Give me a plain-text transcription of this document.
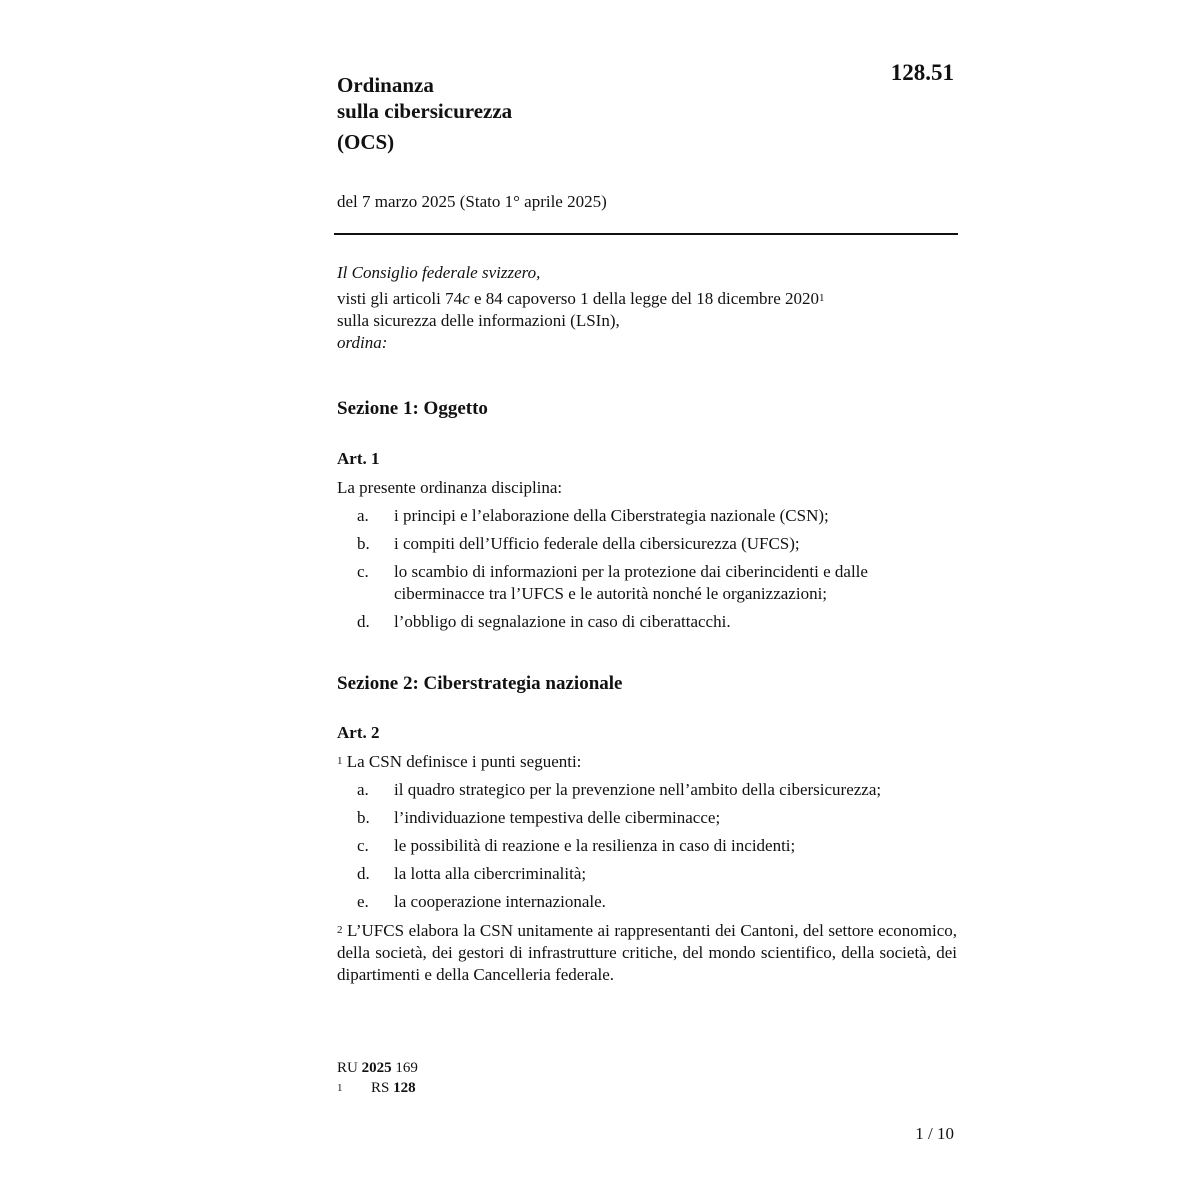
128.51
Ordinanza
sulla cibersicurezza
(OCS)
del 7 marzo 2025 (Stato 1° aprile 2025)
Il Consiglio federale svizzero,
visti gli articoli 74c e 84 capoverso 1 della legge del 18 dicembre 2020$^1$
sulla sicurezza delle informazioni (LSIn),
ordina:
Sezione 1: Oggetto
Art. 1
La presente ordinanza disciplina:
a.	i principi e l’elaborazione della Ciberstrategia nazionale (CSN);
b.	i compiti dell’Ufficio federale della cibersicurezza (UFCS);
c.	lo scambio di informazioni per la protezione dai ciberincidenti e dalle ciberminacce tra l’UFCS e le autorità nonché le organizzazioni;
d.	l’obbligo di segnalazione in caso di ciberattacchi.
Sezione 2: Ciberstrategia nazionale
Art. 2
$^1$ La CSN definisce i punti seguenti:
a.	il quadro strategico per la prevenzione nell’ambito della cibersicurezza;
b.	l’individuazione tempestiva delle ciberminacce;
c.	le possibilità di reazione e la resilienza in caso di incidenti;
d.	la lotta alla cibercriminalità;
e.	la cooperazione internazionale.
$^2$ L’UFCS elabora la CSN unitamente ai rappresentanti dei Cantoni, del settore economico, della società, dei gestori di infrastrutture critiche, del mondo scientifico, della società, dei dipartimenti e della Cancelleria federale.
RU 2025 169
1	RS 128
1 / 10
